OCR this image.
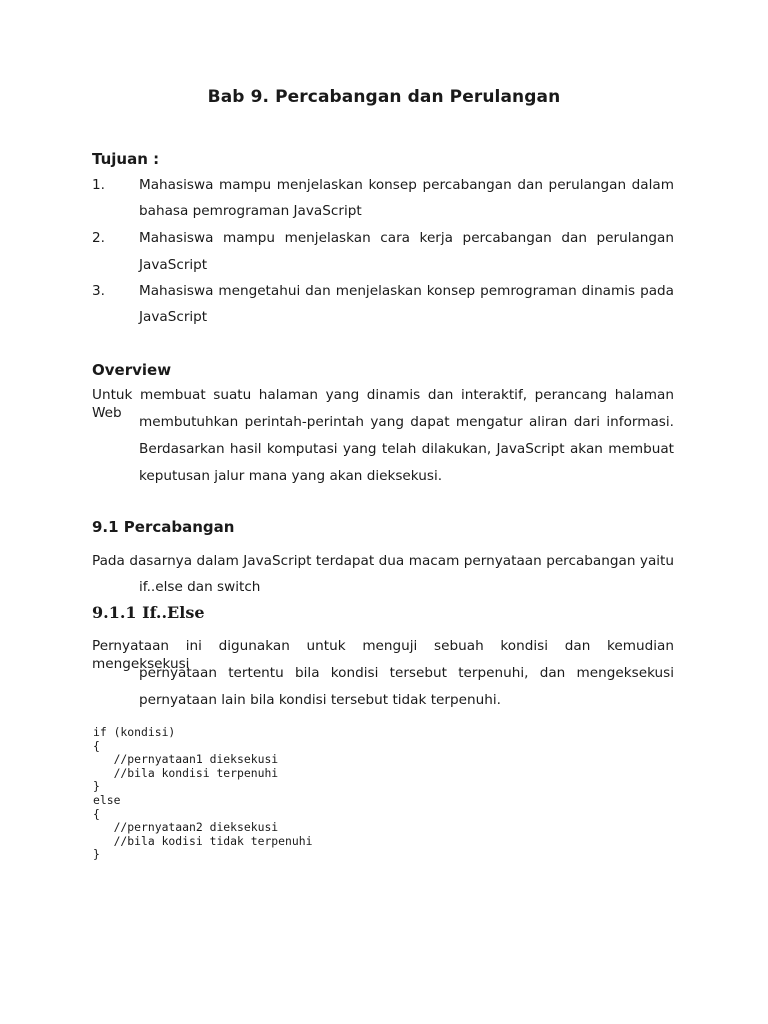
Bab 9. Percabangan dan Perulangan
Tujuan :
1.	Mahasiswa mampu menjelaskan konsep percabangan dan perulangan dalam
bahasa pemrograman JavaScript
2.	Mahasiswa mampu menjelaskan cara kerja percabangan dan perulangan
JavaScript
3.	Mahasiswa mengetahui dan menjelaskan konsep pemrograman dinamis pada
JavaScript
Overview
Untuk membuat suatu halaman yang dinamis dan interaktif, perancang halaman Web
membutuhkan perintah-perintah yang dapat mengatur aliran dari informasi.
Berdasarkan hasil komputasi yang telah dilakukan, JavaScript akan membuat
keputusan jalur mana yang akan dieksekusi.
9.1 Percabangan
Pada dasarnya dalam JavaScript terdapat dua macam pernyataan percabangan yaitu
if..else dan switch
9.1.1 If..Else
Pernyataan ini digunakan untuk menguji sebuah kondisi dan kemudian mengeksekusi
pernyataan tertentu bila kondisi tersebut terpenuhi, dan mengeksekusi
pernyataan lain bila kondisi tersebut tidak terpenuhi.
if (kondisi)
{
//pernyataan1 dieksekusi
//bila kondisi terpenuhi
}
else
{
//pernyataan2 dieksekusi
//bila kodisi tidak terpenuhi
}
